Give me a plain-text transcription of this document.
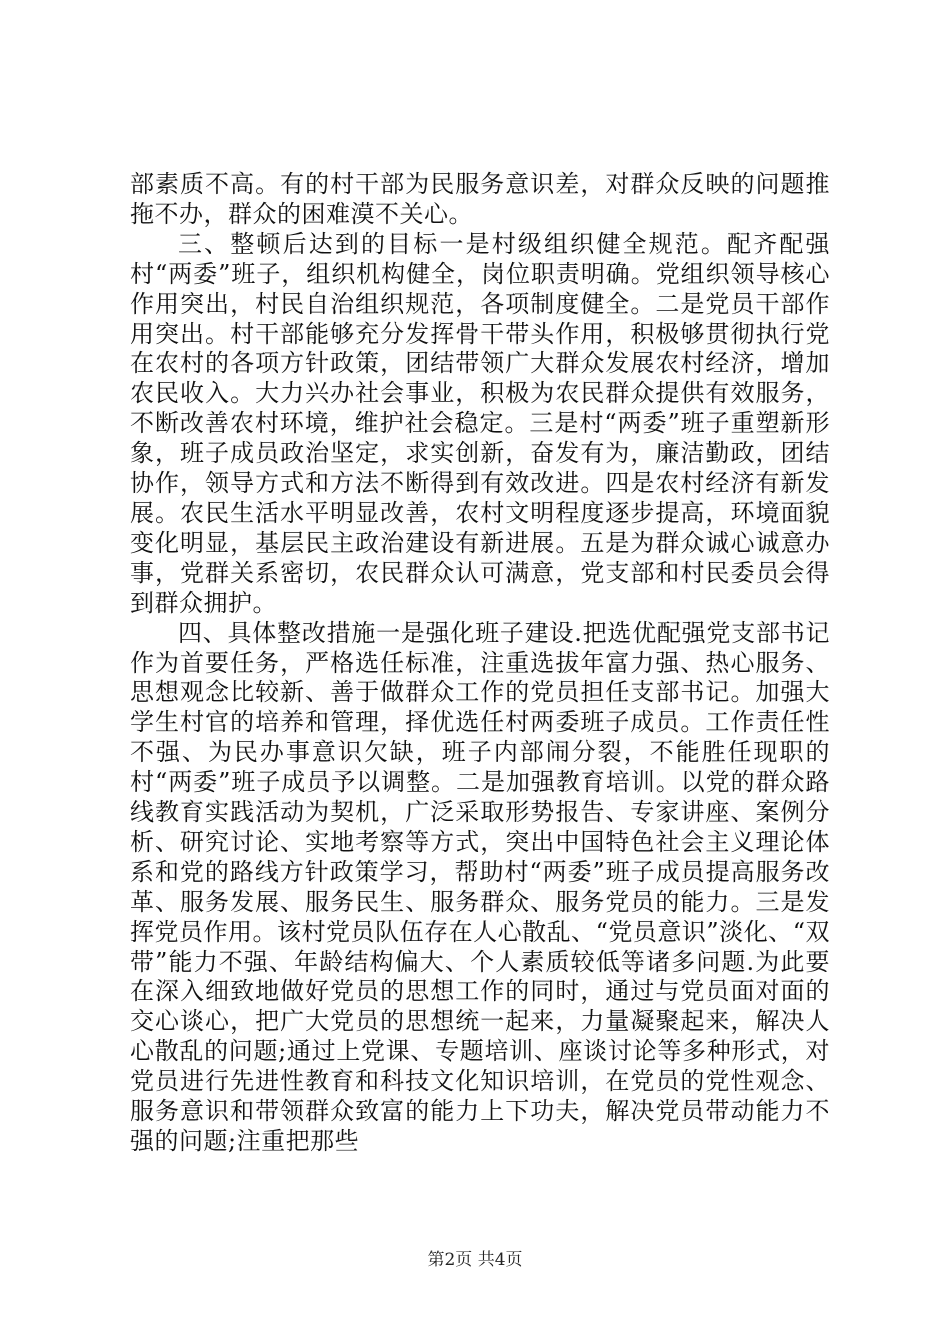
部素质不高。有的村干部为民服务意识差，对群众反映的问题推拖不办，群众的困难漠不关心。

三、整顿后达到的目标一是村级组织健全规范。配齐配强村“两委”班子，组织机构健全，岗位职责明确。党组织领导核心作用突出，村民自治组织规范，各项制度健全。二是党员干部作用突出。村干部能够充分发挥骨干带头作用，积极够贯彻执行党在农村的各项方针政策，团结带领广大群众发展农村经济，增加农民收入。大力兴办社会事业，积极为农民群众提供有效服务，不断改善农村环境，维护社会稳定。三是村“两委”班子重塑新形象，班子成员政治坚定，求实创新，奋发有为，廉洁勤政，团结协作，领导方式和方法不断得到有效改进。四是农村经济有新发展。农民生活水平明显改善，农村文明程度逐步提高，环境面貌变化明显，基层民主政治建设有新进展。五是为群众诚心诚意办事，党群关系密切，农民群众认可满意，党支部和村民委员会得到群众拥护。

四、具体整改措施一是强化班子建设.把选优配强党支部书记作为首要任务，严格选任标准，注重选拔年富力强、热心服务、思想观念比较新、善于做群众工作的党员担任支部书记。加强大学生村官的培养和管理，择优选任村两委班子成员。工作责任性不强、为民办事意识欠缺，班子内部闹分裂，不能胜任现职的村“两委”班子成员予以调整。二是加强教育培训。以党的群众路线教育实践活动为契机，广泛采取形势报告、专家讲座、案例分析、研究讨论、实地考察等方式，突出中国特色社会主义理论体系和党的路线方针政策学习，帮助村“两委”班子成员提高服务改革、服务发展、服务民生、服务群众、服务党员的能力。三是发挥党员作用。该村党员队伍存在人心散乱、“党员意识”淡化、“双带”能力不强、年龄结构偏大、个人素质较低等诸多问题.为此要在深入细致地做好党员的思想工作的同时，通过与党员面对面的交心谈心，把广大党员的思想统一起来，力量凝聚起来，解决人心散乱的问题;通过上党课、专题培训、座谈讨论等多种形式，对党员进行先进性教育和科技文化知识培训，在党员的党性观念、服务意识和带领群众致富的能力上下功夫，解决党员带动能力不强的问题;注重把那些

第2页 共4页
